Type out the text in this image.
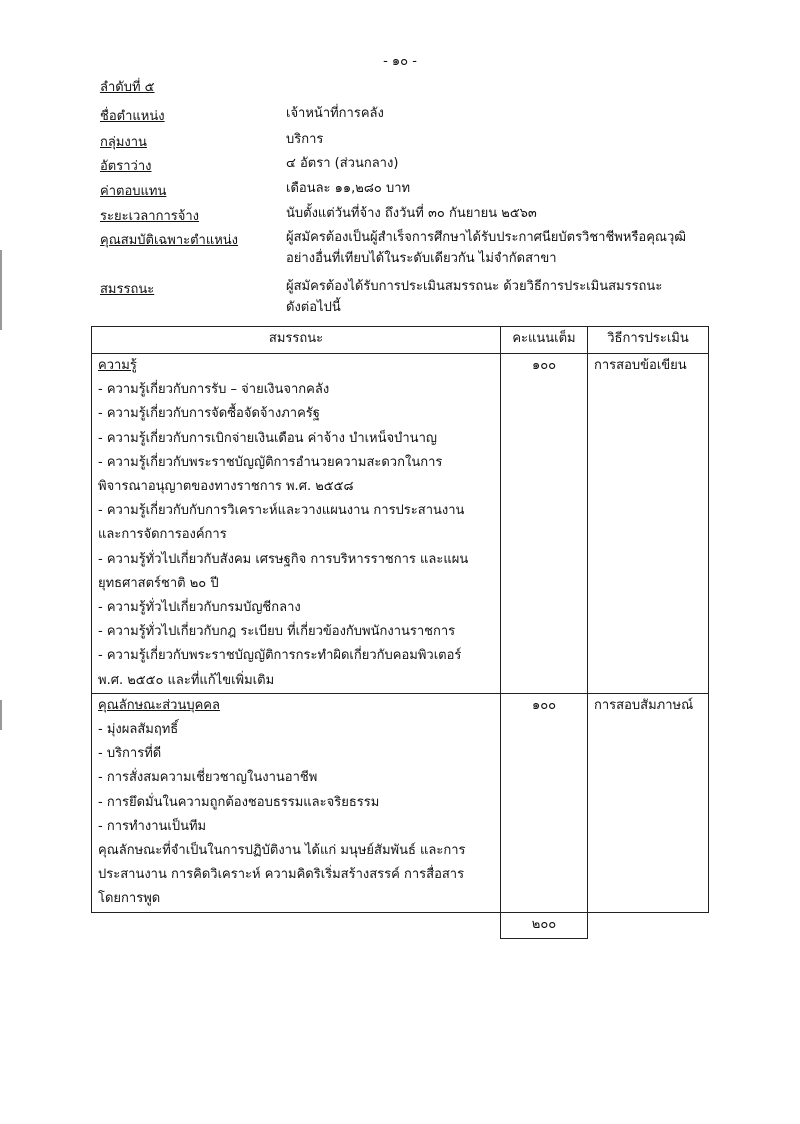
- ๑๐ -
ลำดับที่ ๕
ชื่อตำแหน่ง	เจ้าหน้าที่การคลัง
กลุ่มงาน	บริการ
อัตราว่าง	๔ อัตรา (ส่วนกลาง)
ค่าตอบแทน	เดือนละ ๑๑,๒๘๐ บาท
ระยะเวลาการจ้าง	นับตั้งแต่วันที่จ้าง ถึงวันที่ ๓๐ กันยายน ๒๕๖๓
คุณสมบัติเฉพาะตำแหน่ง	ผู้สมัครต้องเป็นผู้สำเร็จการศึกษาได้รับประกาศนียบัตรวิชาชีพหรือคุณวุฒิ
อย่างอื่นที่เทียบได้ในระดับเดียวกัน ไม่จำกัดสาขา
สมรรถนะ	ผู้สมัครต้องได้รับการประเมินสมรรถนะ ด้วยวิธีการประเมินสมรรถนะ
ดังต่อไปนี้
สมรรถนะ	คะแนนเต็ม	วิธีการประเมิน

ความรู้
- ความรู้เกี่ยวกับการรับ – จ่ายเงินจากคลัง
- ความรู้เกี่ยวกับการจัดซื้อจัดจ้างภาครัฐ
- ความรู้เกี่ยวกับการเบิกจ่ายเงินเดือน ค่าจ้าง บำเหน็จบำนาญ
- ความรู้เกี่ยวกับพระราชบัญญัติการอำนวยความสะดวกในการ
พิจารณาอนุญาตของทางราชการ พ.ศ. ๒๕๕๘
- ความรู้เกี่ยวกับกับการวิเคราะห์และวางแผนงาน การประสานงาน
และการจัดการองค์การ
- ความรู้ทั่วไปเกี่ยวกับสังคม เศรษฐกิจ การบริหารราชการ และแผน
ยุทธศาสตร์ชาติ ๒๐ ปี
- ความรู้ทั่วไปเกี่ยวกับกรมบัญชีกลาง
- ความรู้ทั่วไปเกี่ยวกับกฎ ระเบียบ ที่เกี่ยวข้องกับพนักงานราชการ
- ความรู้เกี่ยวกับพระราชบัญญัติการกระทำผิดเกี่ยวกับคอมพิวเตอร์
พ.ศ. ๒๕๕๐ และที่แก้ไขเพิ่มเติม
	๑๐๐	การสอบข้อเขียน

คุณลักษณะส่วนบุคคล
- มุ่งผลสัมฤทธิ์
- บริการที่ดี
- การสั่งสมความเชี่ยวชาญในงานอาชีพ
- การยึดมั่นในความถูกต้องชอบธรรมและจริยธรรม
- การทำงานเป็นทีม
คุณลักษณะที่จำเป็นในการปฏิบัติงาน ได้แก่ มนุษย์สัมพันธ์ และการ
ประสานงาน การคิดวิเคราะห์ ความคิดริเริ่มสร้างสรรค์ การสื่อสาร
โดยการพูด
	๑๐๐	การสอบสัมภาษณ์
	๒๐๐	
